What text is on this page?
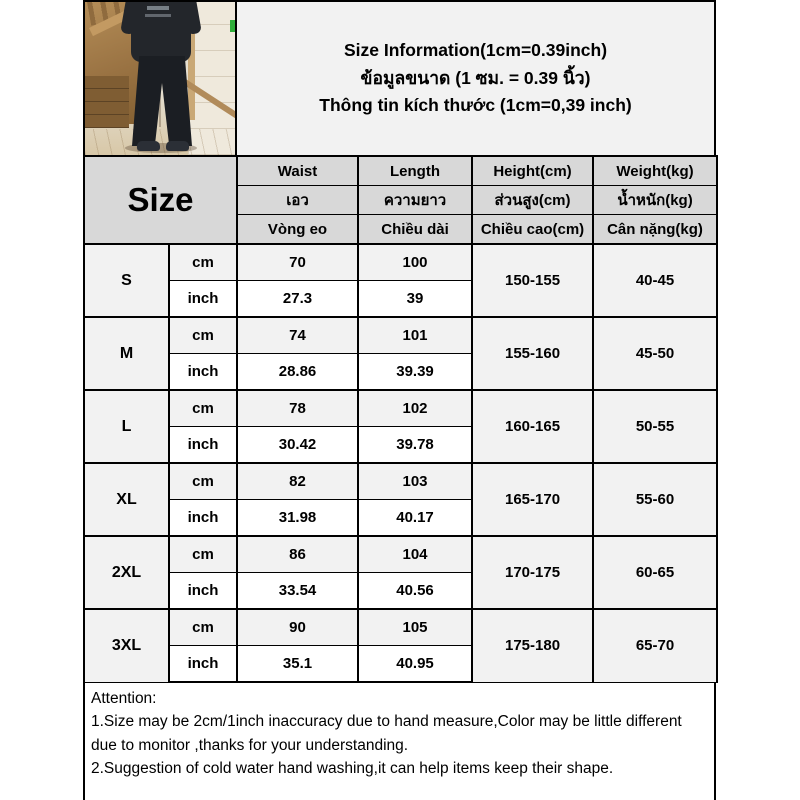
Size Information(1cm=0.39inch)
ข้อมูลขนาด (1 ซม. = 0.39 นิ้ว)
Thông tin kích thước (1cm=0,39 inch)
Size		Waist	Length	Height(cm)	Weight(kg)
		เอว	ความยาว	ส่วนสูง(cm)	น้ำหนัก(kg)
		Vòng eo	Chiều dài	Chiều cao(cm)	Cân nặng(kg)
S	cm	70	100	150-155	40-45
	inch	27.3	39		
M	cm	74	101	155-160	45-50
	inch	28.86	39.39		
L	cm	78	102	160-165	50-55
	inch	30.42	39.78		
XL	cm	82	103	165-170	55-60
	inch	31.98	40.17		
2XL	cm	86	104	170-175	60-65
	inch	33.54	40.56		
3XL	cm	90	105	175-180	65-70
	inch	35.1	40.95		
Attention:
1.Size may be 2cm/1inch inaccuracy due to hand measure,Color may be little different due to monitor ,thanks for your understanding.
2.Suggestion of cold water hand washing,it can help items keep their shape.
